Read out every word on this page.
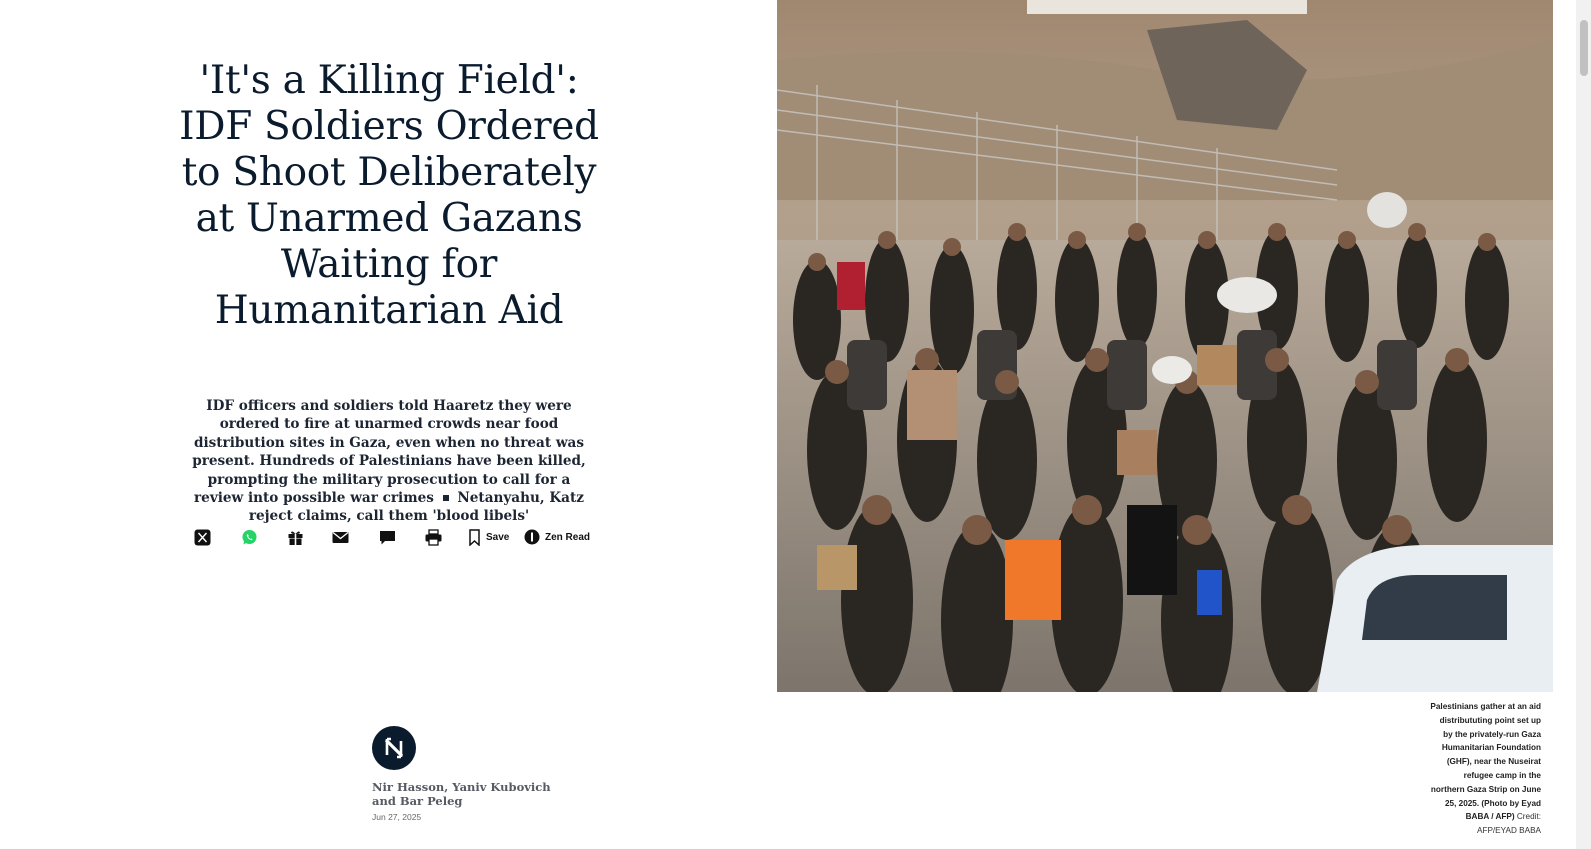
'It's a Killing Field': IDF Soldiers Ordered to Shoot Deliberately at Unarmed Gazans Waiting for Humanitarian Aid

IDF officers and soldiers told Haaretz they were ordered to fire at unarmed crowds near food distribution sites in Gaza, even when no threat was present. Hundreds of Palestinians have been killed, prompting the military prosecution to call for a review into possible war crimes Netanyahu, Katz reject claims, call them 'blood libels'

Save	Zen Read
Nir Hasson, Yaniv Kubovich and Bar Peleg
Jun 27, 2025
Palestinians gather at an aid distribututing point set up by the privately-run Gaza Humanitarian Foundation (GHF), near the Nuseirat refugee camp in the northern Gaza Strip on June 25, 2025. (Photo by Eyad BABA / AFP) Credit: AFP/EYAD BABA
